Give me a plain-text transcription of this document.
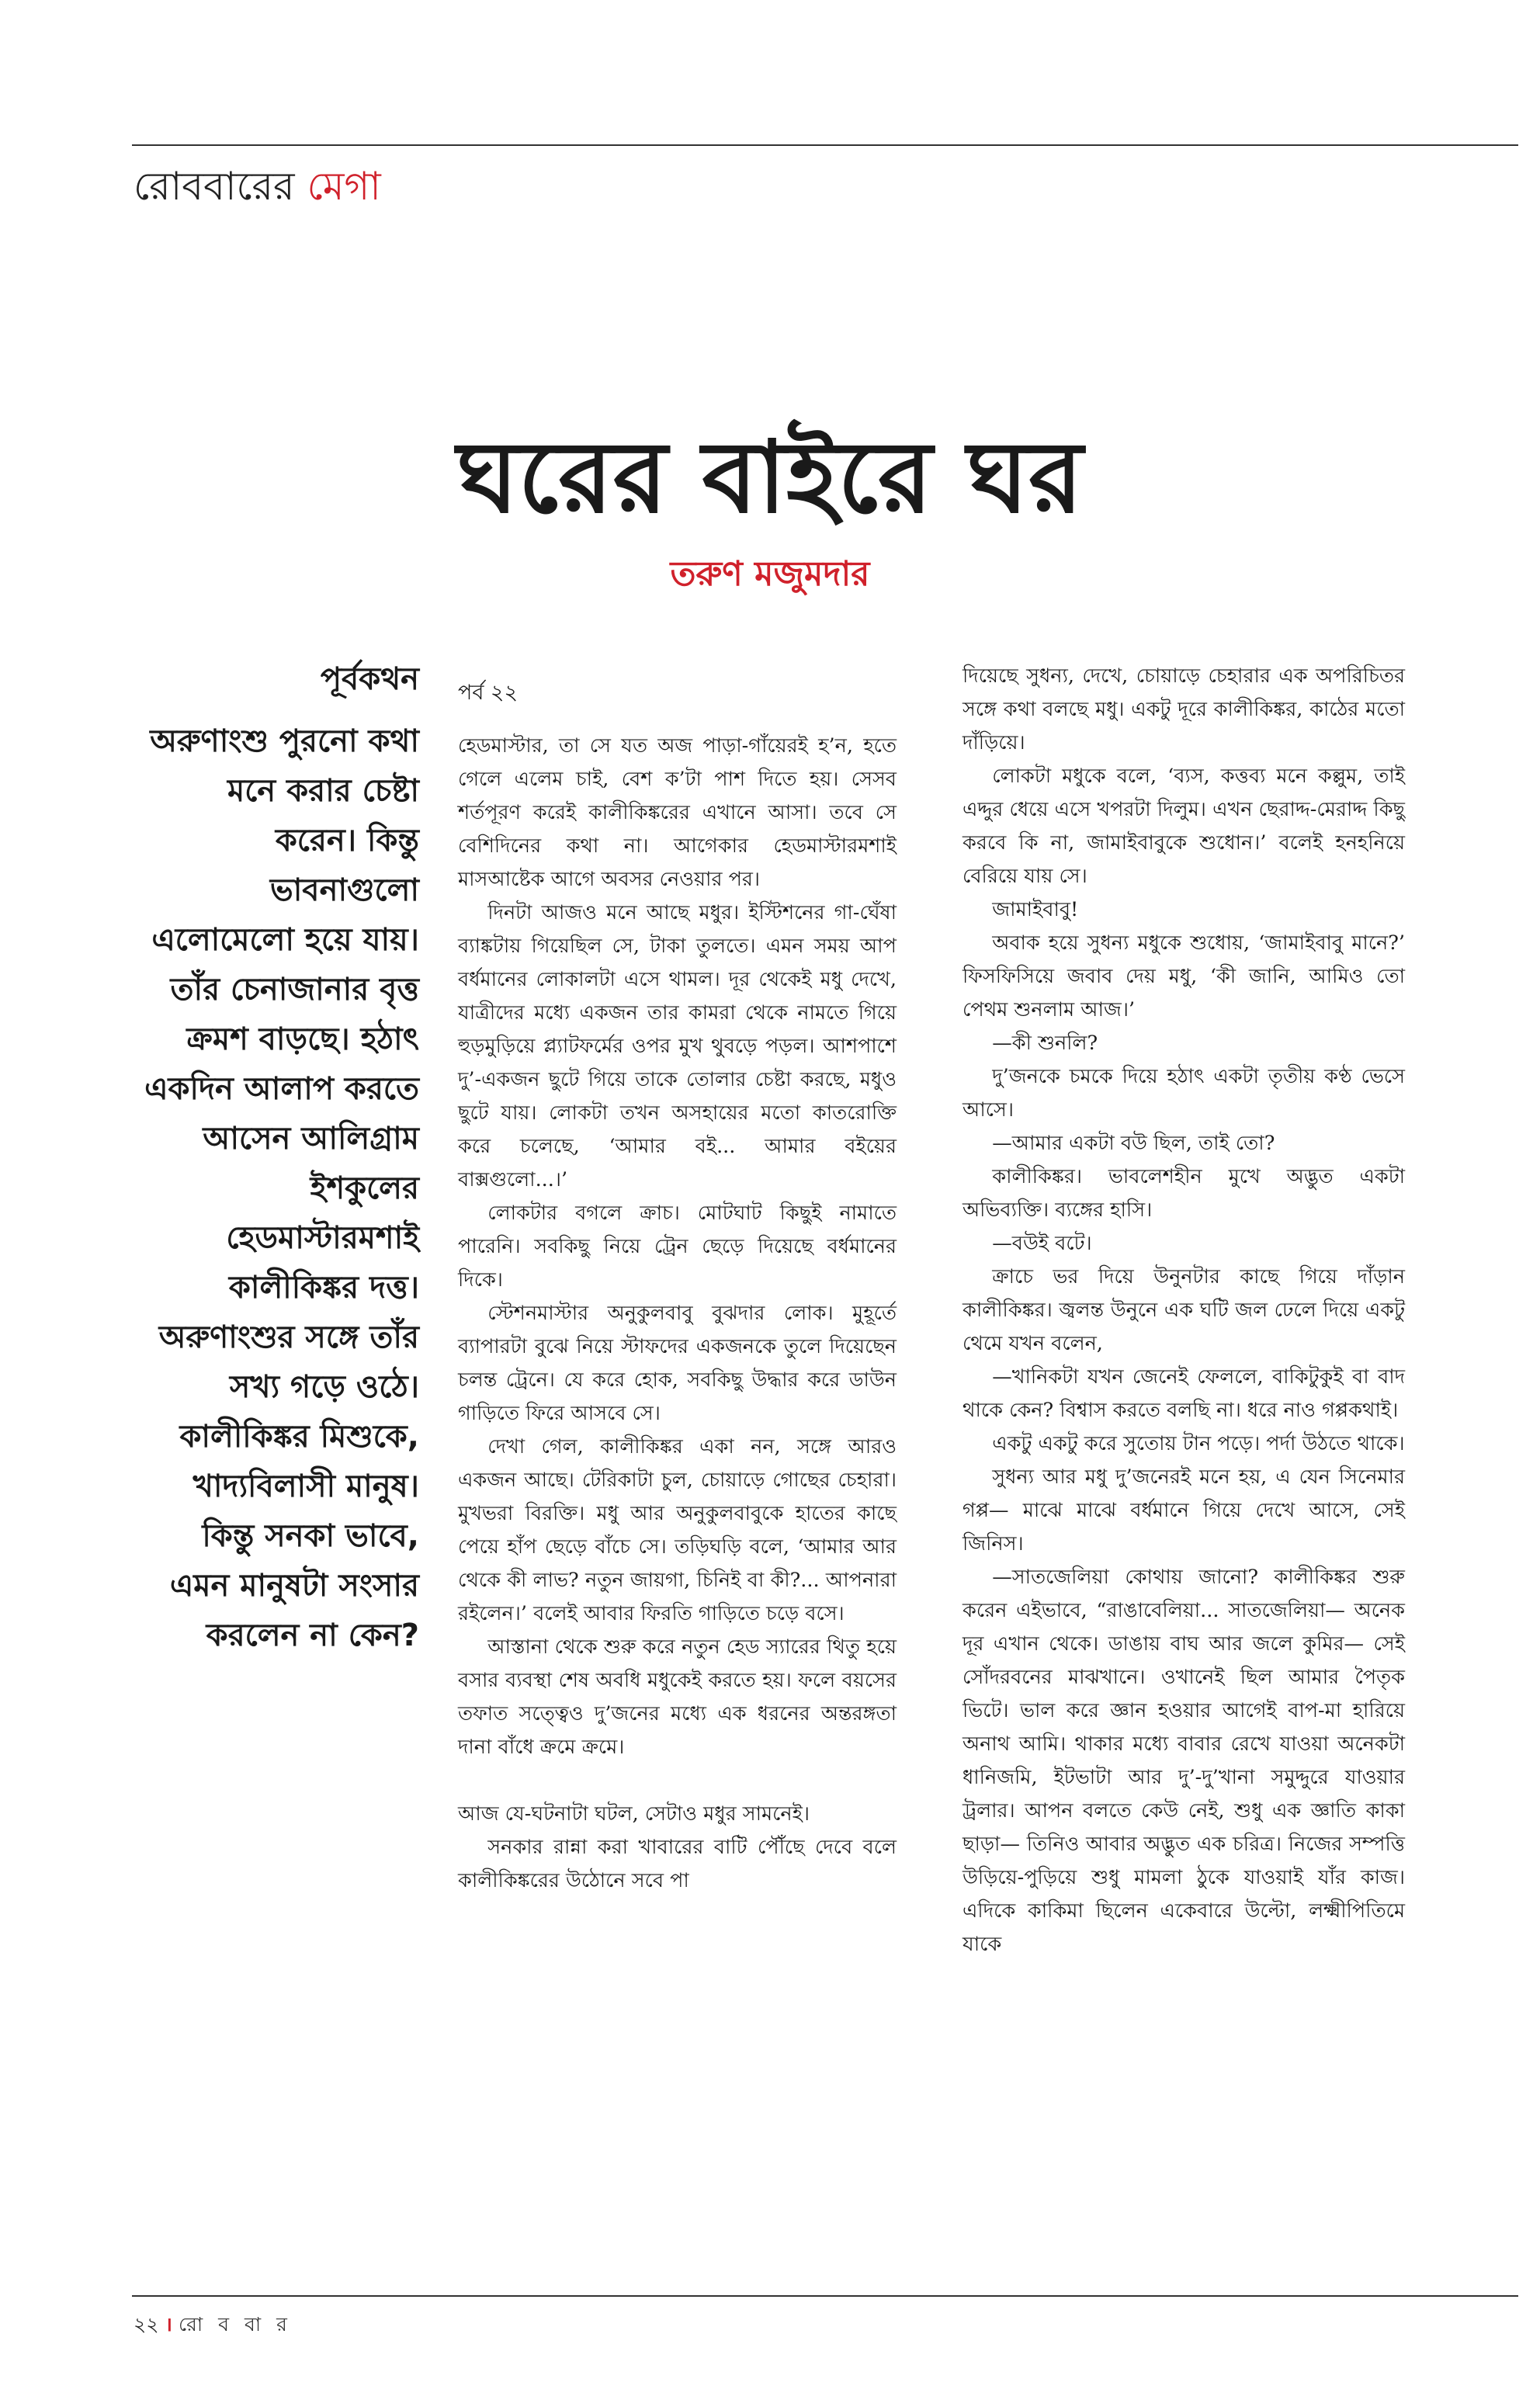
রোববারের মেগা
ঘরের বাইরে ঘর
তরুণ মজুমদার
পূর্বকথন

অরুণাংশু পুরনো কথা মনে করার চেষ্টা করেন। কিন্তু ভাবনাগুলো এলোমেলো হয়ে যায়। তাঁর চেনাজানার বৃত্ত ক্রমশ বাড়ছে। হঠাৎ একদিন আলাপ করতে আসেন আলিগ্রাম ইশকুলের হেডমাস্টারমশাই কালীকিঙ্কর দত্ত। অরুণাংশুর সঙ্গে তাঁর সখ্য গড়ে ওঠে। কালীকিঙ্কর মিশুকে, খাদ্যবিলাসী মানুষ। কিন্তু সনকা ভাবে, এমন মানুষটা সংসার করলেন না কেন?

পর্ব ২২

হেডমাস্টার, তা সে যত অজ পাড়া-গাঁয়েরই হ’ন, হতে গেলে এলেম চাই, বেশ ক’টা পাশ দিতে হয়। সেসব শর্তপূরণ করেই কালীকিঙ্করের এখানে আসা। তবে সে বেশিদিনের কথা না। আগেকার হেডমাস্টারমশাই মাসআষ্টেক আগে অবসর নেওয়ার পর।

দিনটা আজও মনে আছে মধুর। ইস্টিশনের গা-ঘেঁষা ব্যাঙ্কটায় গিয়েছিল সে, টাকা তুলতে। এমন সময় আপ বর্ধমানের লোকালটা এসে থামল। দূর থেকেই মধু দেখে, যাত্রীদের মধ্যে একজন তার কামরা থেকে নামতে গিয়ে হুড়মুড়িয়ে প্ল্যাটফর্মের ওপর মুখ থুবড়ে পড়ল। আশপাশে দু’-একজন ছুটে গিয়ে তাকে তোলার চেষ্টা করছে, মধুও ছুটে যায়। লোকটা তখন অসহায়ের মতো কাতরোক্তি করে চলেছে, ‘আমার বই... আমার বইয়ের বাক্সগুলো...।’

লোকটার বগলে ক্রাচ। মোটঘাট কিছুই নামাতে পারেনি। সবকিছু নিয়ে ট্রেন ছেড়ে দিয়েছে বর্ধমানের দিকে।

স্টেশনমাস্টার অনুকুলবাবু বুঝদার লোক। মুহূর্তে ব্যাপারটা বুঝে নিয়ে স্টাফদের একজনকে তুলে দিয়েছেন চলন্ত ট্রেনে। যে করে হোক, সবকিছু উদ্ধার করে ডাউন গাড়িতে ফিরে আসবে সে।

দেখা গেল, কালীকিঙ্কর একা নন, সঙ্গে আরও একজন আছে। টেরিকাটা চুল, চোয়াড়ে গোছের চেহারা। মুখভরা বিরক্তি। মধু আর অনুকুলবাবুকে হাতের কাছে পেয়ে হাঁপ ছেড়ে বাঁচে সে। তড়িঘড়ি বলে, ‘আমার আর থেকে কী লাভ? নতুন জায়গা, চিনিই বা কী?... আপনারা রইলেন।’ বলেই আবার ফিরতি গাড়িতে চড়ে বসে।

আস্তানা থেকে শুরু করে নতুন হেড স্যারের থিতু হয়ে বসার ব্যবস্থা শেষ অবধি মধুকেই করতে হয়। ফলে বয়সের তফাত সত্ত্বেও দু’জনের মধ্যে এক ধরনের অন্তরঙ্গতা দানা বাঁধে ক্রমে ক্রমে।

আজ যে-ঘটনাটা ঘটল, সেটাও মধুর সামনেই।

সনকার রান্না করা খাবারের বাটি পৌঁছে দেবে বলে কালীকিঙ্করের উঠোনে সবে পা

দিয়েছে সুধন্য, দেখে, চোয়াড়ে চেহারার এক অপরিচিতর সঙ্গে কথা বলছে মধু। একটু দূরে কালীকিঙ্কর, কাঠের মতো দাঁড়িয়ে।

লোকটা মধুকে বলে, ‘ব্যস, কত্তব্য মনে কল্লুম, তাই এদ্দুর ধেয়ে এসে খপরটা দিলুম। এখন ছেরাদ্দ-মেরাদ্দ কিছু করবে কি না, জামাইবাবুকে শুধোন।’ বলেই হনহনিয়ে বেরিয়ে যায় সে।

জামাইবাবু!

অবাক হয়ে সুধন্য মধুকে শুধোয়, ‘জামাইবাবু মানে?’ ফিসফিসিয়ে জবাব দেয় মধু, ‘কী জানি, আমিও তো পেথম শুনলাম আজ।’

—কী শুনলি?

দু’জনকে চমকে দিয়ে হঠাৎ একটা তৃতীয় কণ্ঠ ভেসে আসে।

—আমার একটা বউ ছিল, তাই তো?

কালীকিঙ্কর। ভাবলেশহীন মুখে অদ্ভুত একটা অভিব্যক্তি। ব্যঙ্গের হাসি।

—বউই বটে।

ক্রাচে ভর দিয়ে উনুনটার কাছে গিয়ে দাঁড়ান কালীকিঙ্কর। জ্বলন্ত উনুনে এক ঘটি জল ঢেলে দিয়ে একটু থেমে যখন বলেন,

—খানিকটা যখন জেনেই ফেললে, বাকিটুকুই বা বাদ থাকে কেন? বিশ্বাস করতে বলছি না। ধরে নাও গপ্পকথাই।

একটু একটু করে সুতোয় টান পড়ে। পর্দা উঠতে থাকে।

সুধন্য আর মধু দু’জনেরই মনে হয়, এ যেন সিনেমার গপ্প— মাঝে মাঝে বর্ধমানে গিয়ে দেখে আসে, সেই জিনিস।

—সাতজেলিয়া কোথায় জানো? কালীকিঙ্কর শুরু করেন এইভাবে, “রাঙাবেলিয়া... সাতজেলিয়া— অনেক দূর এখান থেকে। ডাঙায় বাঘ আর জলে কুমির— সেই সোঁদরবনের মাঝখানে। ওখানেই ছিল আমার পৈতৃক ভিটে। ভাল করে জ্ঞান হওয়ার আগেই বাপ-মা হারিয়ে অনাথ আমি। থাকার মধ্যে বাবার রেখে যাওয়া অনেকটা ধানিজমি, ইটভাটা আর দু’-দু’খানা সমুদ্দুরে যাওয়ার ট্রলার। আপন বলতে কেউ নেই, শুধু এক জ্ঞাতি কাকা ছাড়া— তিনিও আবার অদ্ভুত এক চরিত্র। নিজের সম্পত্তি উড়িয়ে-পুড়িয়ে শুধু মামলা ঠুকে যাওয়াই যাঁর কাজ। এদিকে কাকিমা ছিলেন একেবারে উল্টো, লক্ষ্মীপিতিমে যাকে

২২ । রো ব বা র
